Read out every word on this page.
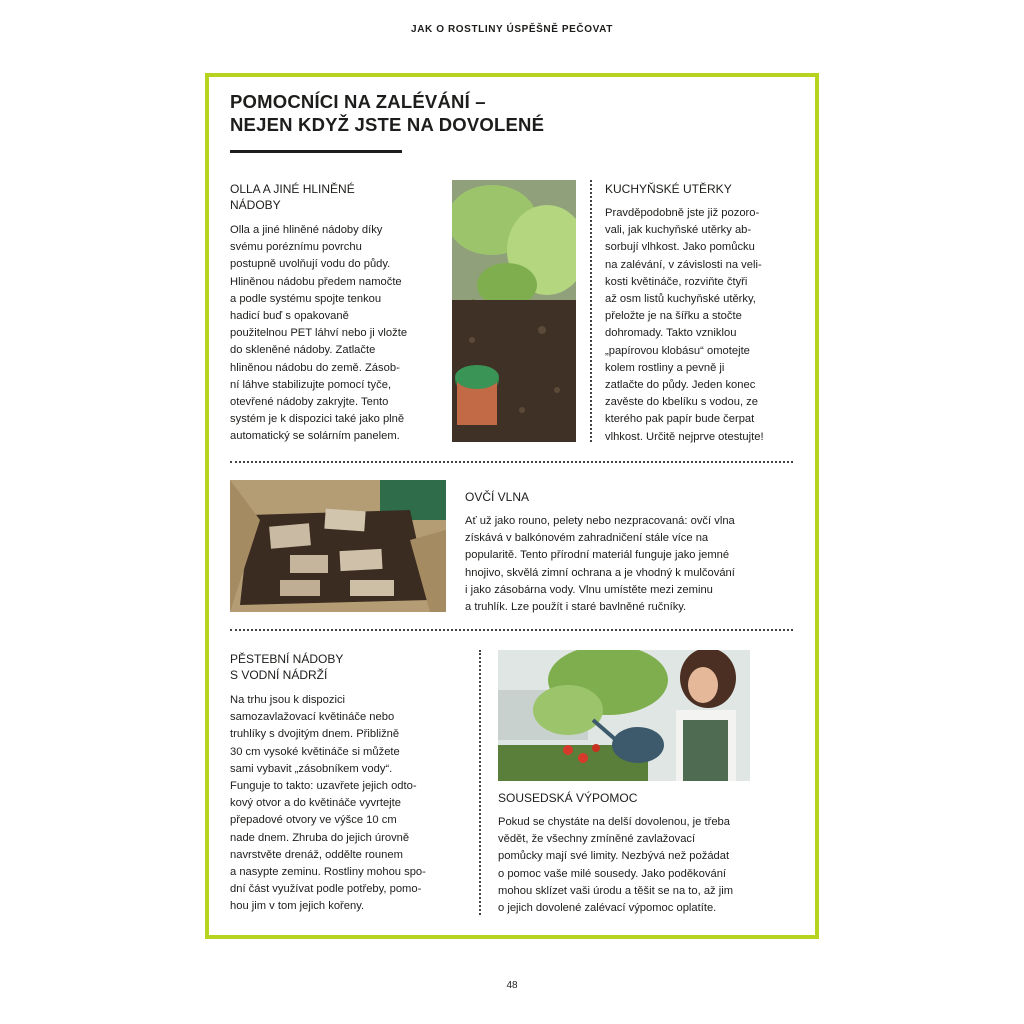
JAK O ROSTLINY ÚSPĚŠNĚ PEČOVAT
POMOCNÍCI NA ZALÉVÁNÍ –
NEJEN KDYŽ JSTE NA DOVOLENÉ
OLLA A JINÉ HLINĚNÉ
NÁDOBY
Olla a jiné hliněné nádoby díky
svému poréznímu povrchu
postupně uvolňují vodu do půdy.
Hliněnou nádobu předem namočte
a podle systému spojte tenkou
hadicí buď s opakovaně
použitelnou PET láhví nebo ji vložte
do skleněné nádoby. Zatlačte
hliněnou nádobu do země. Zásob-
ní láhve stabilizujte pomocí tyče,
otevřené nádoby zakryjte. Tento
systém je k dispozici také jako plně
automatický se solárním panelem.
KUCHYŇSKÉ UTĚRKY
Pravděpodobně jste již pozoro-
vali, jak kuchyňské utěrky ab-
sorbují vlhkost. Jako pomůcku
na zalévání, v závislosti na veli-
kosti květináče, rozviňte čtyři
až osm listů kuchyňské utěrky,
přeložte je na šířku a stočte
dohromady. Takto vzniklou
„papírovou klobásu“ omotejte
kolem rostliny a pevně ji
zatlačte do půdy. Jeden konec
zavěste do kbelíku s vodou, ze
kterého pak papír bude čerpat
vlhkost. Určitě nejprve otestujte!
OVČÍ VLNA
Ať už jako rouno, pelety nebo nezpracovaná: ovčí vlna
získává v balkónovém zahradničení stále více na
popularitě. Tento přírodní materiál funguje jako jemné
hnojivo, skvělá zimní ochrana a je vhodný k mulčování
i jako zásobárna vody. Vlnu umístěte mezi zeminu
a truhlík. Lze použít i staré bavlněné ručníky.
PĚSTEBNÍ NÁDOBY
S VODNÍ NÁDRŽÍ
Na trhu jsou k dispozici
samozavlažovací květináče nebo
truhlíky s dvojitým dnem. Přibližně
30 cm vysoké květináče si můžete
sami vybavit „zásobníkem vody“.
Funguje to takto: uzavřete jejich odto-
kový otvor a do květináče vyvrtejte
přepadové otvory ve výšce 10 cm
nade dnem. Zhruba do jejich úrovně
navrstvěte drenáž, oddělte rounem
a nasypte zeminu. Rostliny mohou spo-
dní část využívat podle potřeby, pomo-
hou jim v tom jejich kořeny.
SOUSEDSKÁ VÝPOMOC
Pokud se chystáte na delší dovolenou, je třeba
vědět, že všechny zmíněné zavlažovací
pomůcky mají své limity. Nezbývá než požádat
o pomoc vaše milé sousedy. Jako poděkování
mohou sklízet vaši úrodu a těšit se na to, až jim
o jejich dovolené zalévací výpomoc oplatíte.
48
